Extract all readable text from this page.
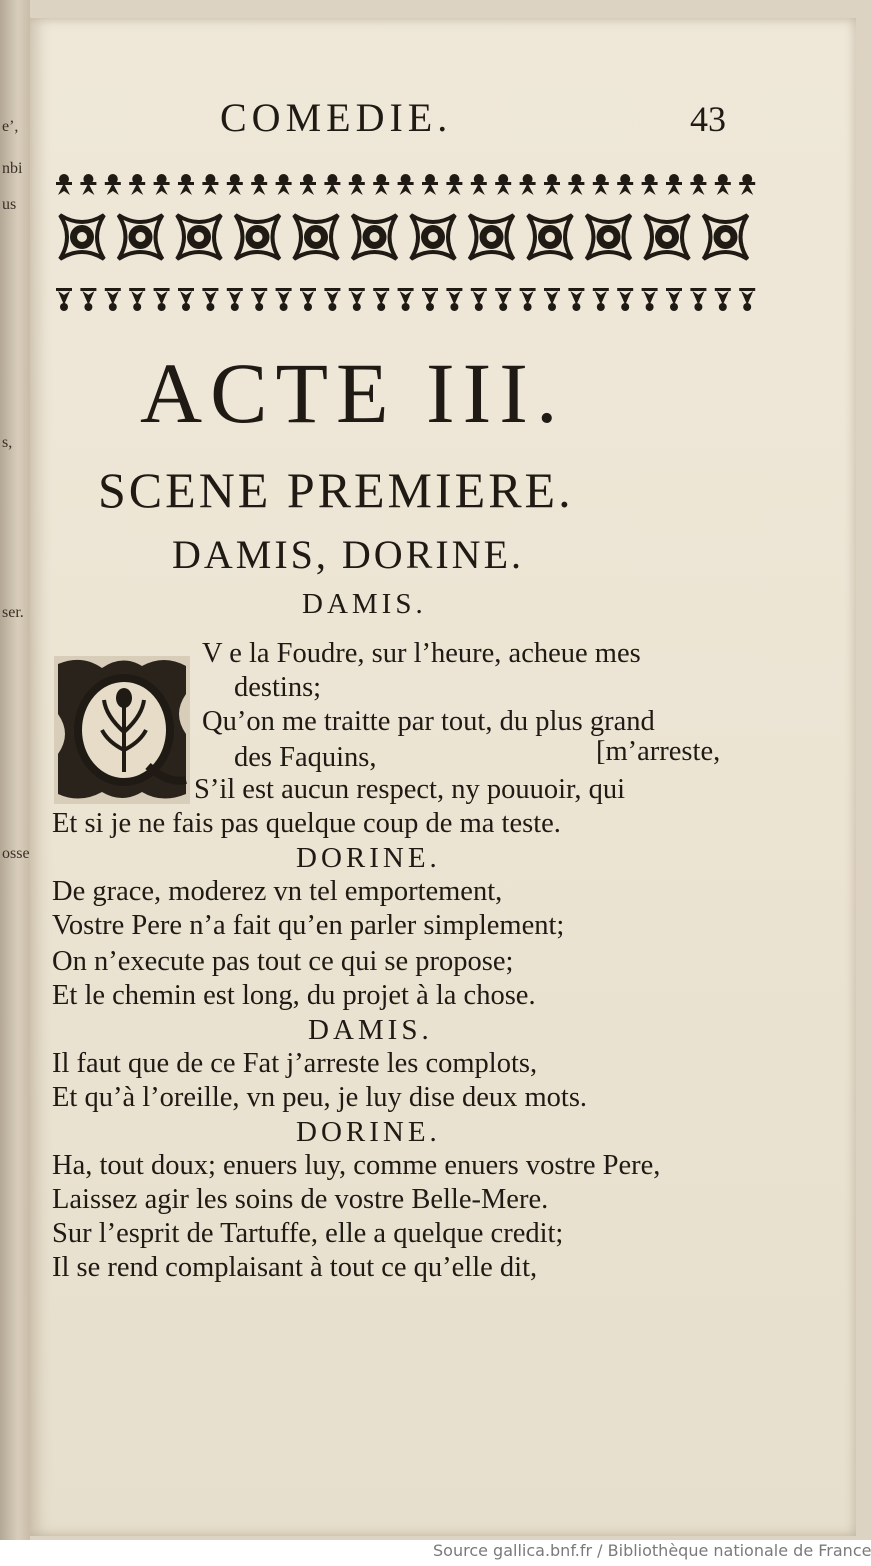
e’,
nbi
us
s,
ser.
osse
COMEDIE.	43
ACTE III.
SCENE PREMIERE.
DAMIS, DORINE.
DAMIS.
V e la Foudre, sur l’heure, acheue mes
destins;
Qu’on me traitte par tout, du plus grand
des Faquins,	[m’arreste,
S’il est aucun respect, ny pouuoir, qui
Et si je ne fais pas quelque coup de ma teste.
DORINE.
De grace, moderez vn tel emportement,
Vostre Pere n’a fait qu’en parler simplement;
On n’execute pas tout ce qui se propose;
Et le chemin est long, du projet à la chose.
DAMIS.
Il faut que de ce Fat j’arreste les complots,
Et qu’à l’oreille, vn peu, je luy dise deux mots.
DORINE.
Ha, tout doux; enuers luy, comme enuers vostre Pere,
Laissez agir les soins de vostre Belle-Mere.
Sur l’esprit de Tartuffe, elle a quelque credit;
Il se rend complaisant à tout ce qu’elle dit,
Source gallica.bnf.fr / Bibliothèque nationale de France
